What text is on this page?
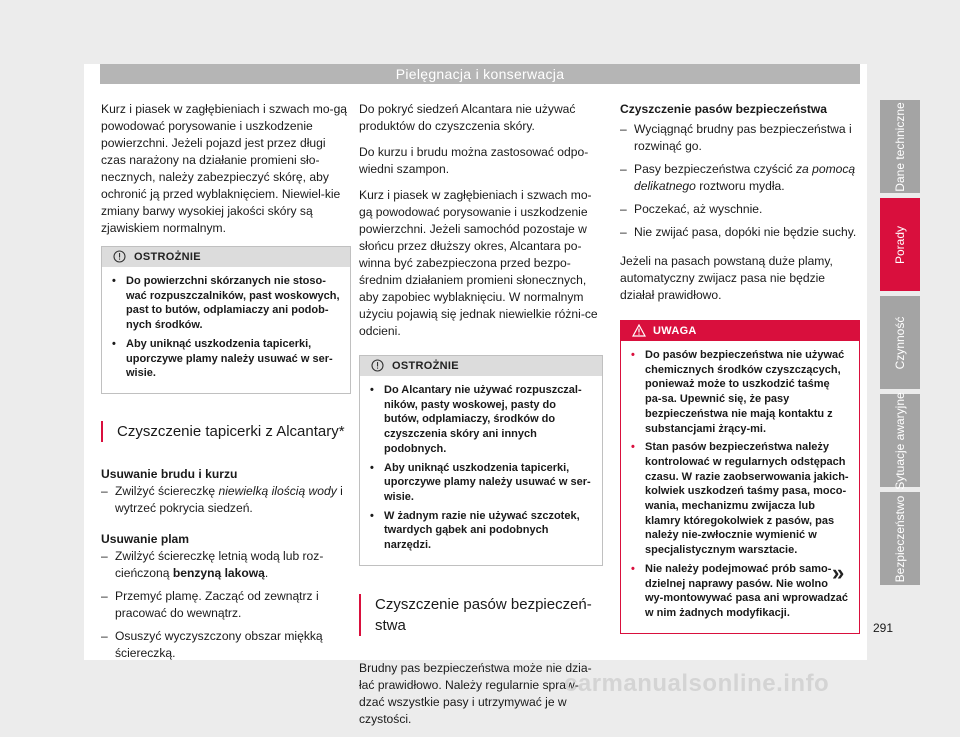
Pielęgnacja i konserwacja

Kurz i piasek w zagłębieniach i szwach mo-gą powodować porysowanie i uszkodzenie powierzchni. Jeżeli pojazd jest przez długi czas narażony na działanie promieni sło-necznych, należy zabezpieczyć skórę, aby ochronić ją przed wyblaknięciem. Niewiel-kie zmiany barwy wysokiej jakości skóry są zjawiskiem normalnym.

OSTROŻNIE
• Do powierzchni skórzanych nie stoso-wać rozpuszczalników, past woskowych, past to butów, odplamiaczy ani podob-nych środków.
• Aby uniknąć uszkodzenia tapicerki, uporczywe plamy należy usuwać w ser-wisie.
Czyszczenie tapicerki z Alcantary*

Usuwanie brudu i kurzu

– Zwilżyć ściereczkę niewielką ilością wody i wytrzeć pokrycia siedzeń.

Usuwanie plam

– Zwilżyć ściereczkę letnią wodą lub roz-cieńczoną benzyną lakową.
– Przemyć plamę. Zacząć od zewnątrz i pracować do wewnątrz.
– Osuszyć wyczyszczony obszar miękką ściereczką.

Do pokryć siedzeń Alcantara nie używać produktów do czyszczenia skóry.

Do kurzu i brudu można zastosować odpo-wiedni szampon.

Kurz i piasek w zagłębieniach i szwach mo-gą powodować porysowanie i uszkodzenie powierzchni. Jeżeli samochód pozostaje w słońcu przez dłuższy okres, Alcantara po-winna być zabezpieczona przed bezpo-średnim działaniem promieni słonecznych, aby zapobiec wyblaknięciu. W normalnym użyciu pojawią się jednak niewielkie różni-ce odcieni.

OSTROŻNIE
• Do Alcantary nie używać rozpuszczal-ników, pasty woskowej, pasty do butów, odplamiaczy, środków do czyszczenia skóry ani innych podobnych.
• Aby uniknąć uszkodzenia tapicerki, uporczywe plamy należy usuwać w ser-wisie.
• W żadnym razie nie używać szczotek, twardych gąbek ani podobnych narzędzi.
Czyszczenie pasów bezpieczeń-stwa

Brudny pas bezpieczeństwa może nie dzia-łać prawidłowo. Należy regularnie spraw-dzać wszystkie pasy i utrzymywać je w czystości.

Czyszczenie pasów bezpieczeństwa

– Wyciągnąć brudny pas bezpieczeństwa i rozwinąć go.
– Pasy bezpieczeństwa czyścić za pomocą delikatnego roztworu mydła.
– Poczekać, aż wyschnie.
– Nie zwijać pasa, dopóki nie będzie suchy.

Jeżeli na pasach powstaną duże plamy, automatyczny zwijacz pasa nie będzie działał prawidłowo.

UWAGA
• Do pasów bezpieczeństwa nie używać chemicznych środków czyszczących, ponieważ może to uszkodzić taśmę pa-sa. Upewnić się, że pasy bezpieczeństwa nie mają kontaktu z substancjami żrący-mi.
• Stan pasów bezpieczeństwa należy kontrolować w regularnych odstępach czasu. W razie zaobserwowania jakich-kolwiek uszkodzeń taśmy pasa, moco-wania, mechanizmu zwijacza lub klamry któregokolwiek z pasów, pas należy nie-zwłocznie wymienić w specjalistycznym warsztacie.
• Nie należy podejmować prób samo-dzielnej naprawy pasów. Nie wolno wy-montowywać pasa ani wprowadzać w nim żadnych modyfikacji.
»
Dane techniczne
Porady
Czynność
Sytuacje awaryjne
Bezpieczeństwo
291
carmanualsonline.info
